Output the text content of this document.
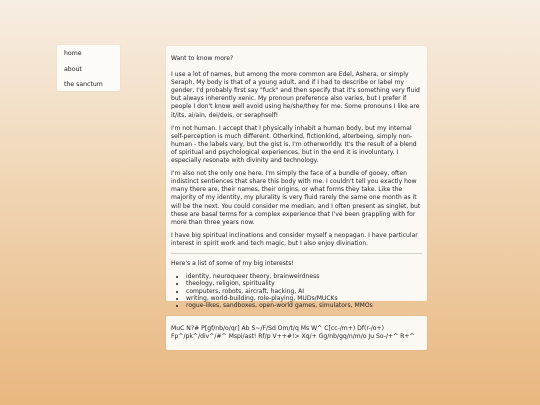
home
about
the sanctum

Want to know more?

I use a lot of names, but among the more common are Edel, Ashera, or simply Seraph. My body is that of a young adult, and if I had to describe or label my gender, I'd probably first say "fuck" and then specify that it's something very fluid but always inherently xenic. My pronoun preference also varies, but I prefer if people I don't know well avoid using he/she/they for me. Some pronouns I like are it/its, ai/ain, dei/deis, or seraphself!

I'm not human. I accept that I physically inhabit a human body, but my internal self-perception is much different. Otherkind, fictionkind, alterbeing, simply non-human - the labels vary, but the gist is, I'm otherworldly. It's the result of a blend of spiritual and psychological experiences, but in the end it is involuntary. I especially resonate with divinity and technology.

I'm also not the only one here. I'm simply the face of a bundle of gooey, often indistinct sentiences that share this body with me. I couldn't tell you exactly how many there are, their names, their origins, or what forms they take. Like the majority of my identity, my plurality is very fluid rarely the same one month as it will be the next. You could consider me median, and I often present as singlet, but these are basal terms for a complex experience that I've been grappling with for more than three years now.

I have big spiritual inclinations and consider myself a neopagan. I have particular interest in spirit work and tech magic, but I also enjoy divination.

Here's a list of some of my big interests!

• identity, neuroqueer theory, brainweirdness
• theology, religion, spirituality
• computers, robots, aircraft, hacking, AI
• writing, world-building, role-playing, MUDs/MUCKs
• rogue-likes, sandboxes, open-world games, simulators, MMOs
MuC N?# P[gf/nb/o/qr] Ab S~/F/Sd Om/t/q Ms W^ C[cc-/m+) Df(r-/o+)
Fp^/pk^/div^/#^ Mspi/ast! Rf/p V++#!> Xq/+ Gg/nb/gq/n/m/o Ju So-/+^ R+^
